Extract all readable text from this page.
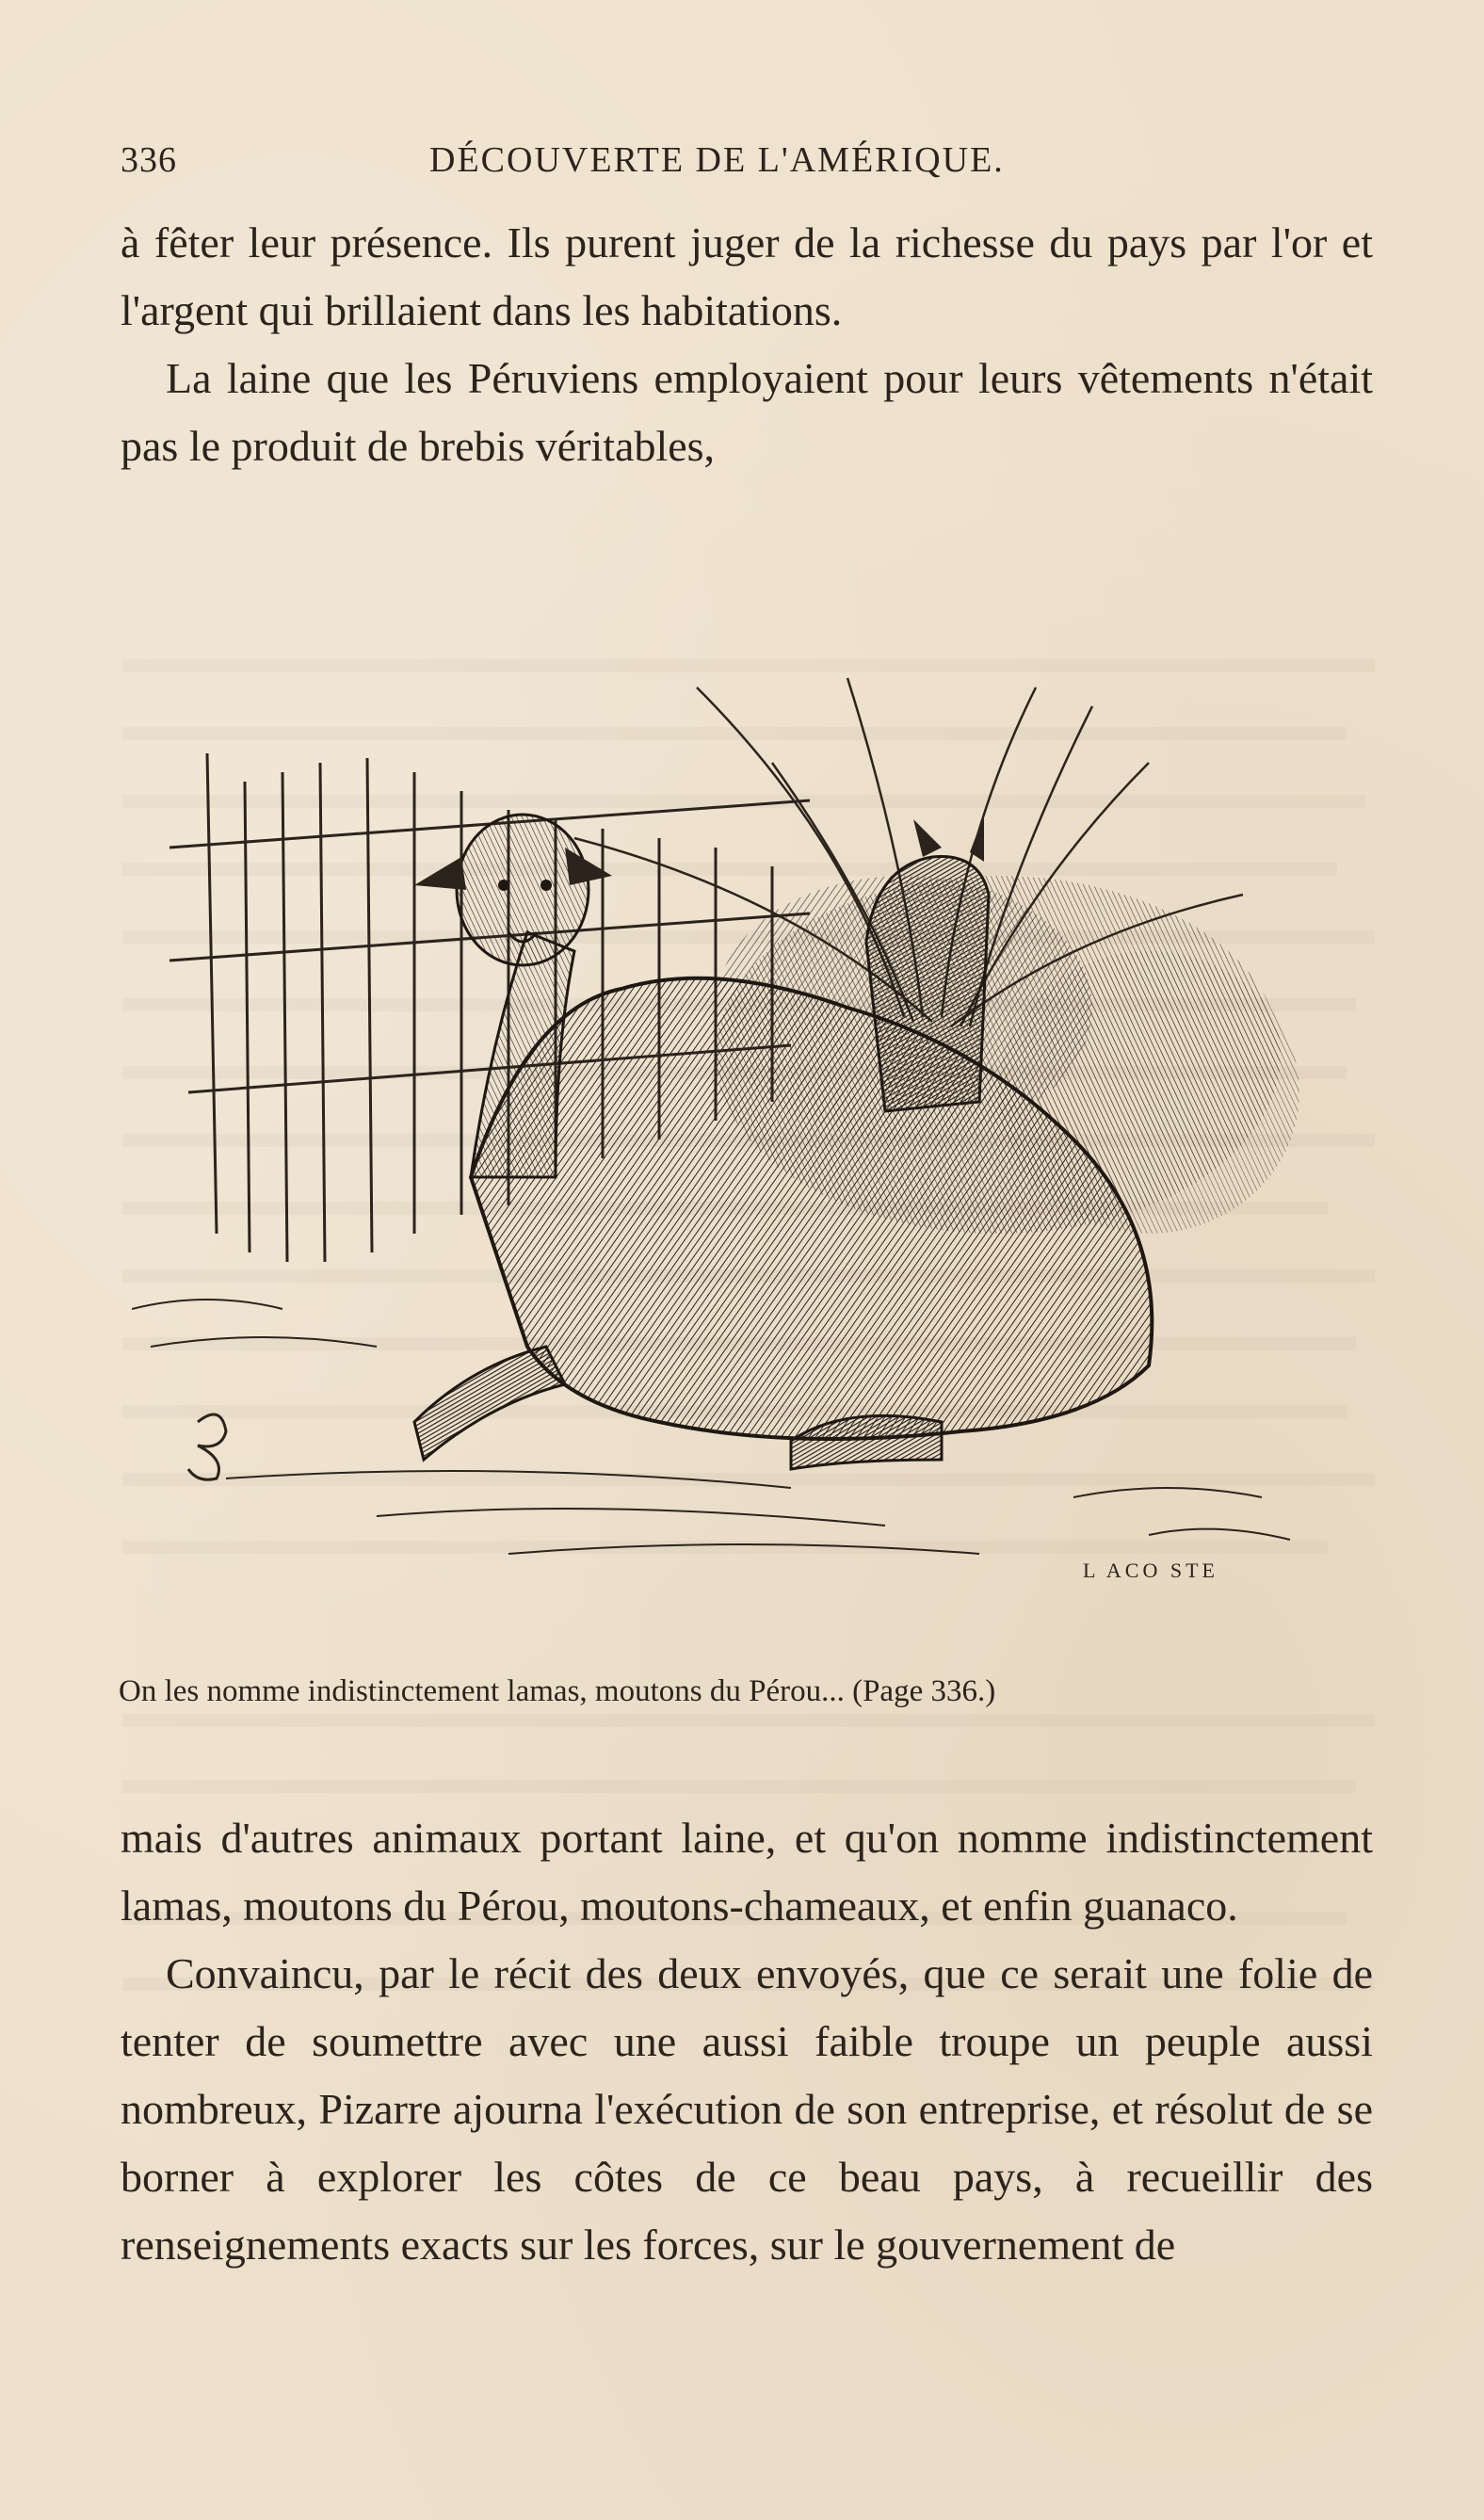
336	DÉCOUVERTE DE L'AMÉRIQUE.

à fêter leur présence. Ils purent juger de la richesse du pays par l'or et l'argent qui brillaient dans les habitations.

La laine que les Péruviens employaient pour leurs vêtements n'était pas le produit de brebis véritables,

L ACO STE
On les nomme indistinctement lamas, moutons du Pérou... (Page 336.)

mais d'autres animaux portant laine, et qu'on nomme indistinctement lamas, moutons du Pérou, moutons-chameaux, et enfin guanaco.

Convaincu, par le récit des deux envoyés, que ce serait une folie de tenter de soumettre avec une aussi faible troupe un peuple aussi nombreux, Pizarre ajourna l'exécution de son entreprise, et résolut de se borner à explorer les côtes de ce beau pays, à recueillir des renseignements exacts sur les forces, sur le gouvernement de
